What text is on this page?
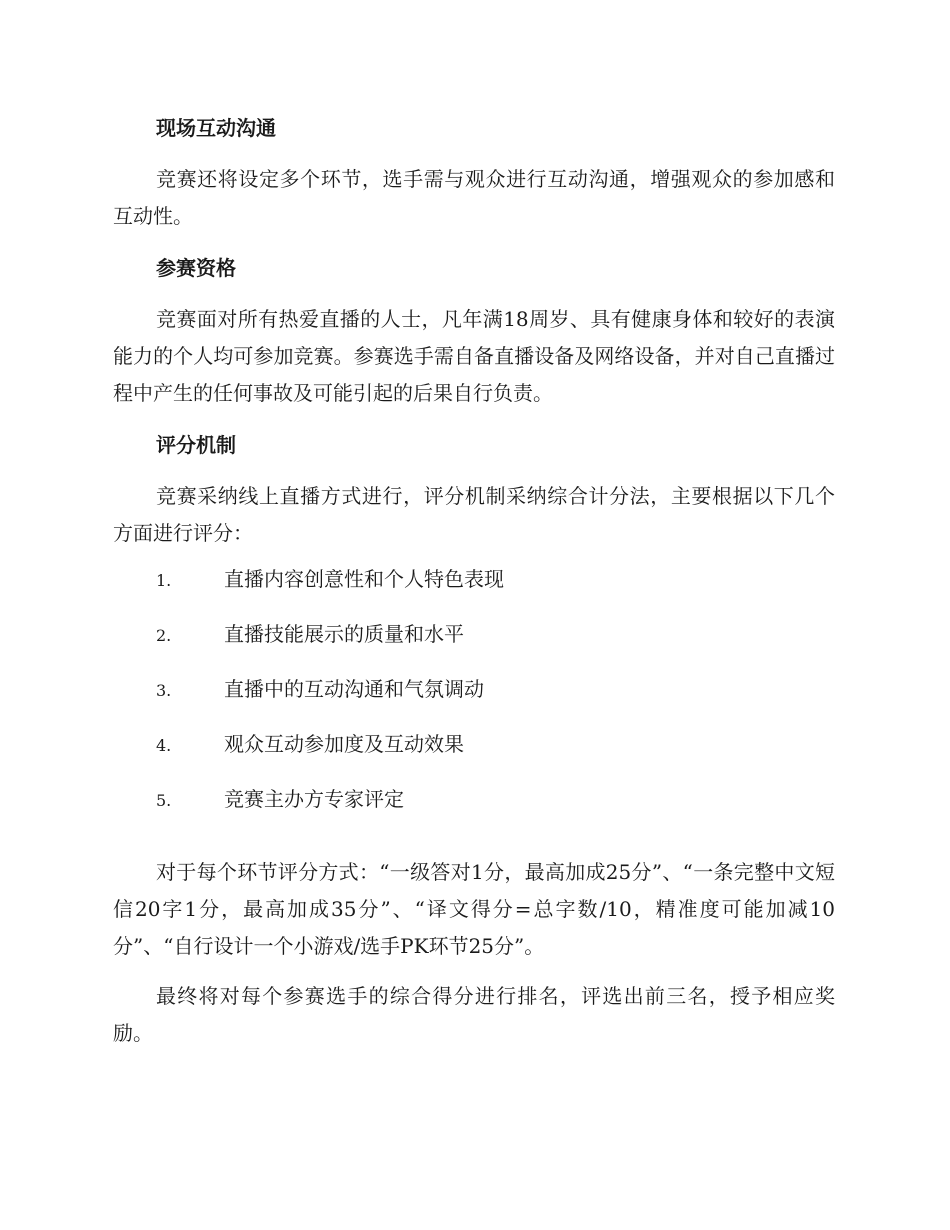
现场互动沟通

竞赛还将设定多个环节，选手需与观众进行互动沟通，增强观众的参加感和互动性。

参赛资格

竞赛面对所有热爱直播的人士，凡年满18周岁、具有健康身体和较好的表演能力的个人均可参加竞赛。参赛选手需自备直播设备及网络设备，并对自己直播过程中产生的任何事故及可能引起的后果自行负责。

评分机制

竞赛采纳线上直播方式进行，评分机制采纳综合计分法，主要根据以下几个方面进行评分：

1.	直播内容创意性和个人特色表现
2.	直播技能展示的质量和水平
3.	直播中的互动沟通和气氛调动
4.	观众互动参加度及互动效果
5.	竞赛主办方专家评定

对于每个环节评分方式：“一级答对1分，最高加成25分”、“一条完整中文短信20字1分，最高加成35分”、“译文得分=总字数/10，精准度可能加减10分”、“自行设计一个小游戏/选手PK环节25分”。

最终将对每个参赛选手的综合得分进行排名，评选出前三名，授予相应奖励。
